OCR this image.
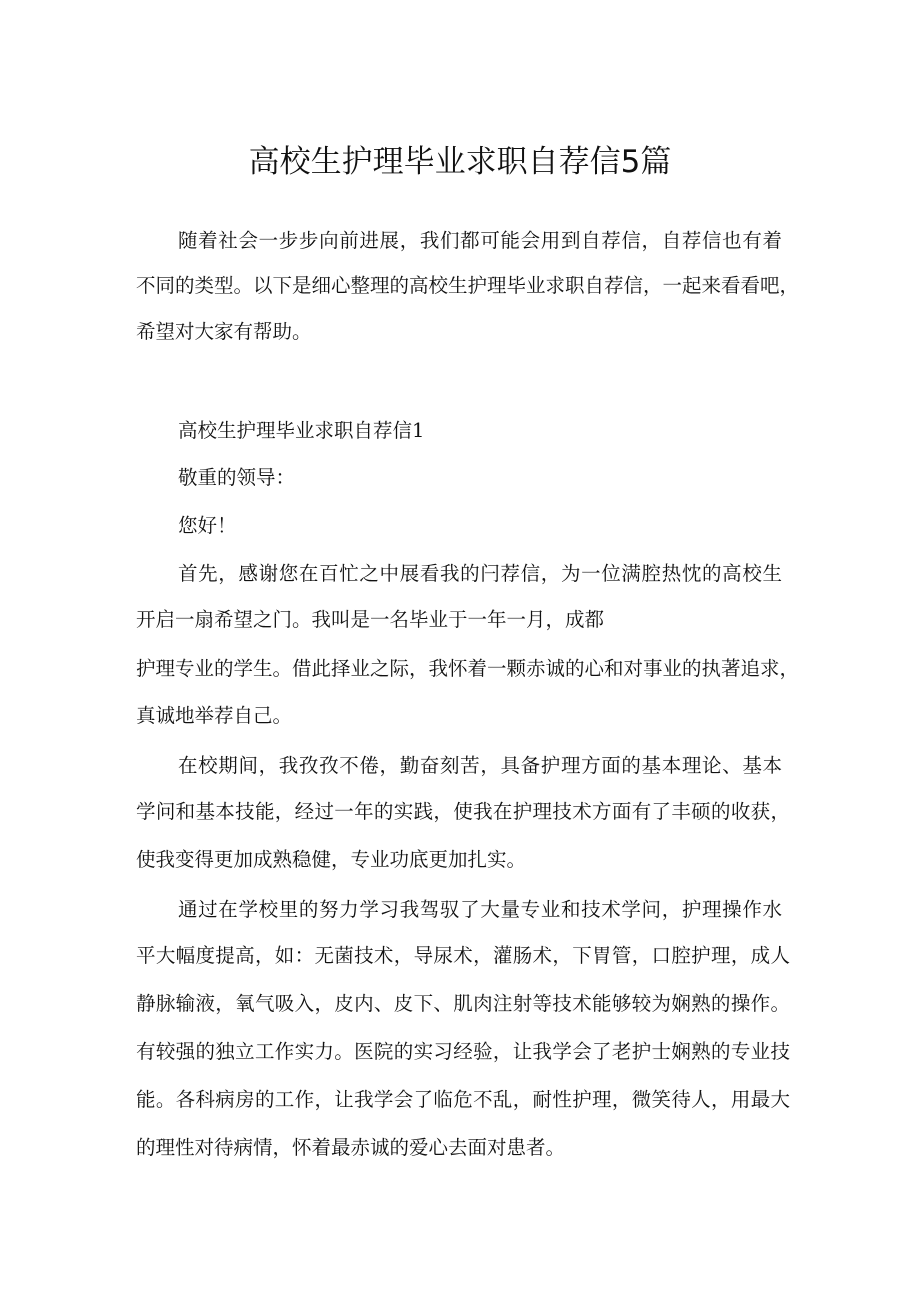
高校生护理毕业求职自荐信5篇

随着社会一步步向前进展，我们都可能会用到自荐信，自荐信也有着

不同的类型。以下是细心整理的高校生护理毕业求职自荐信，一起来看看吧，

希望对大家有帮助。

高校生护理毕业求职自荐信1

敬重的领导：

您好！

首先，感谢您在百忙之中展看我的闩荐信，为一位满腔热忱的高校生

开启一扇希望之门。我叫是一名毕业于一年一月，成都

护理专业的学生。借此择业之际，我怀着一颗赤诚的心和对事业的执著追求，

真诚地举荐自己。

在校期间，我孜孜不倦，勤奋刻苦，具备护理方面的基本理论、基本

学问和基本技能，经过一年的实践，使我在护理技术方面有了丰硕的收获，

使我变得更加成熟稳健，专业功底更加扎实。

通过在学校里的努力学习我驾驭了大量专业和技术学问，护理操作水

平大幅度提高，如：无菌技术，导尿术，灌肠术，下胃管，口腔护理，成人

静脉输液，氧气吸入，皮内、皮下、肌肉注射等技术能够较为娴熟的操作。

有较强的独立工作实力。医院的实习经验，让我学会了老护士娴熟的专业技

能。各科病房的工作，让我学会了临危不乱，耐性护理，微笑待人，用最大

的理性对待病情，怀着最赤诚的爱心去面对患者。
